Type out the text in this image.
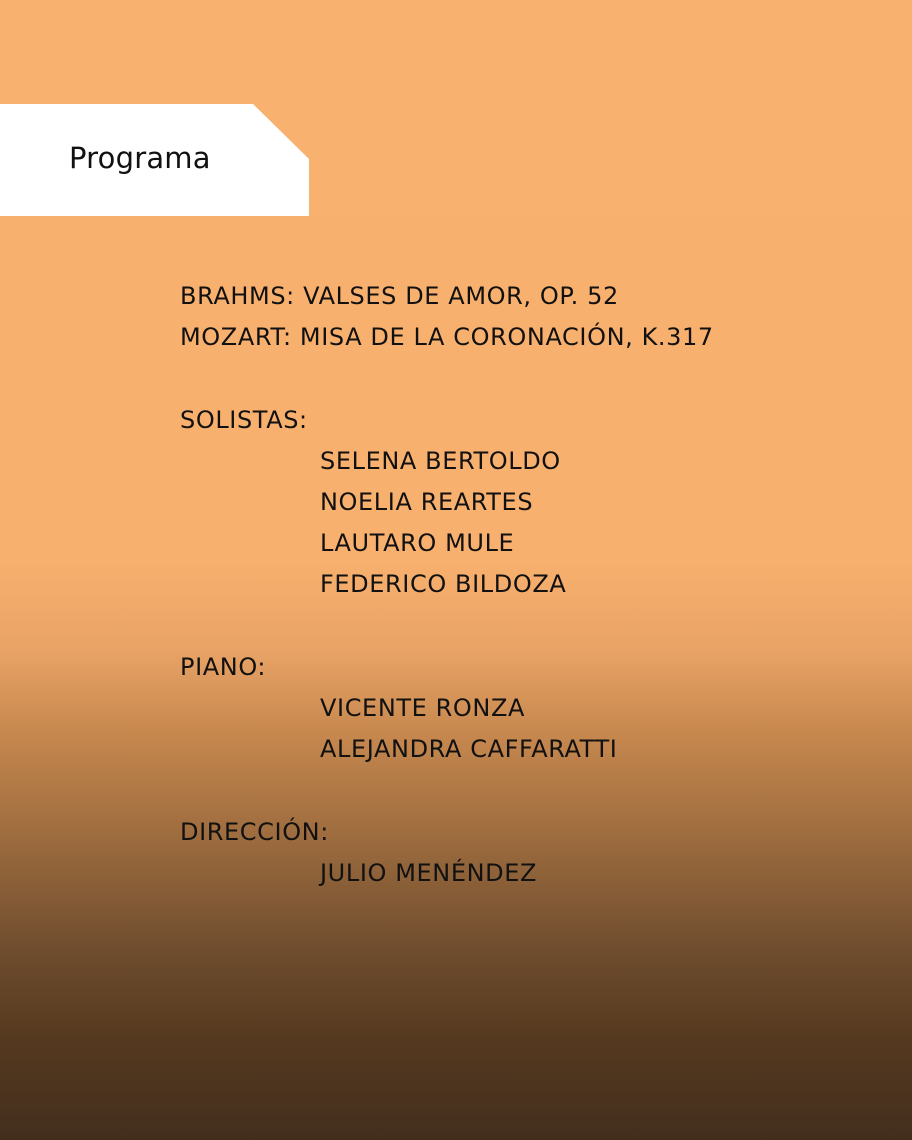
Programa
BRAHMS: VALSES DE AMOR, OP. 52
MOZART: MISA DE LA CORONACIÓN, K.317
SOLISTAS:
SELENA BERTOLDO
NOELIA REARTES
LAUTARO MULE
FEDERICO BILDOZA
PIANO:
VICENTE RONZA
ALEJANDRA CAFFARATTI
DIRECCIÓN:
JULIO MENÉNDEZ
